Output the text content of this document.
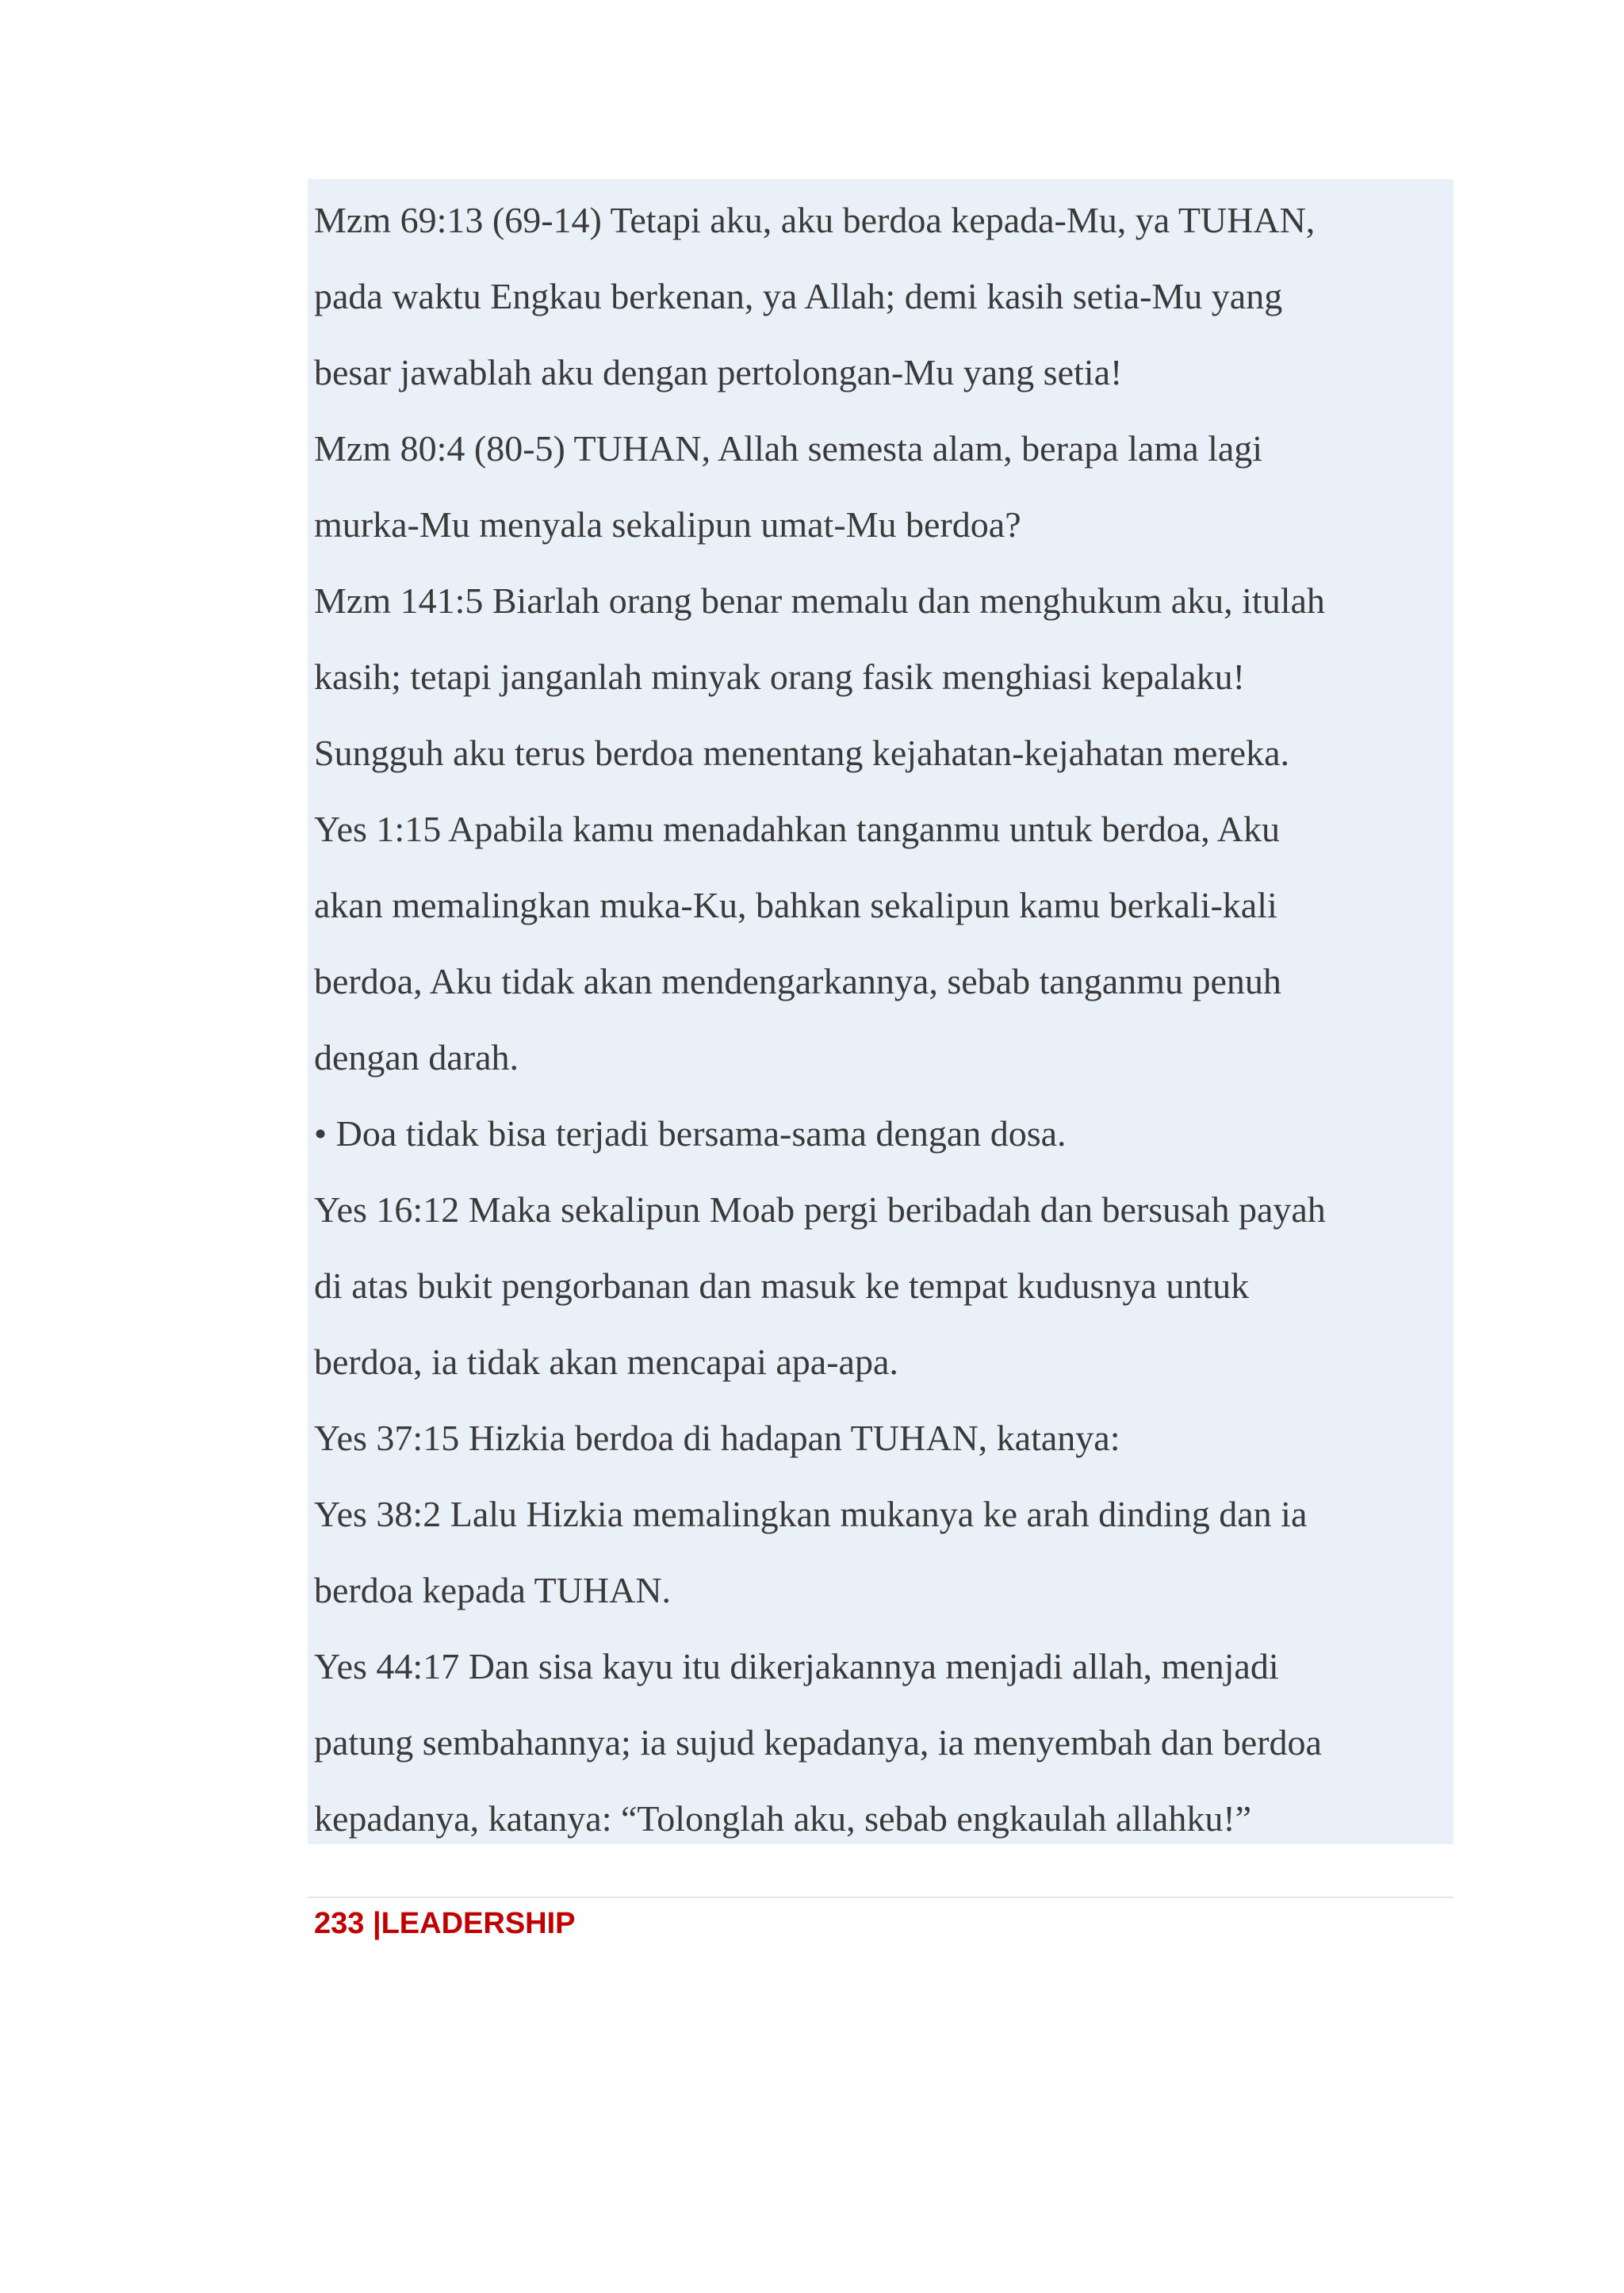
Mzm 69:13 (69-14) Tetapi aku, aku berdoa kepada-Mu, ya TUHAN,
pada waktu Engkau berkenan, ya Allah; demi kasih setia-Mu yang
besar jawablah aku dengan pertolongan-Mu yang setia!
Mzm 80:4 (80-5) TUHAN, Allah semesta alam, berapa lama lagi
murka-Mu menyala sekalipun umat-Mu berdoa?
Mzm 141:5 Biarlah orang benar memalu dan menghukum aku, itulah
kasih; tetapi janganlah minyak orang fasik menghiasi kepalaku!
Sungguh aku terus berdoa menentang kejahatan-kejahatan mereka.
Yes 1:15 Apabila kamu menadahkan tanganmu untuk berdoa, Aku
akan memalingkan muka-Ku, bahkan sekalipun kamu berkali-kali
berdoa, Aku tidak akan mendengarkannya, sebab tanganmu penuh
dengan darah.
• Doa tidak bisa terjadi bersama-sama dengan dosa.
Yes 16:12 Maka sekalipun Moab pergi beribadah dan bersusah payah
di atas bukit pengorbanan dan masuk ke tempat kudusnya untuk
berdoa, ia tidak akan mencapai apa-apa.
Yes 37:15 Hizkia berdoa di hadapan TUHAN, katanya:
Yes 38:2 Lalu Hizkia memalingkan mukanya ke arah dinding dan ia
berdoa kepada TUHAN.
Yes 44:17 Dan sisa kayu itu dikerjakannya menjadi allah, menjadi
patung sembahannya; ia sujud kepadanya, ia menyembah dan berdoa
kepadanya, katanya: “Tolonglah aku, sebab engkaulah allahku!”
233 |LEADERSHIP
